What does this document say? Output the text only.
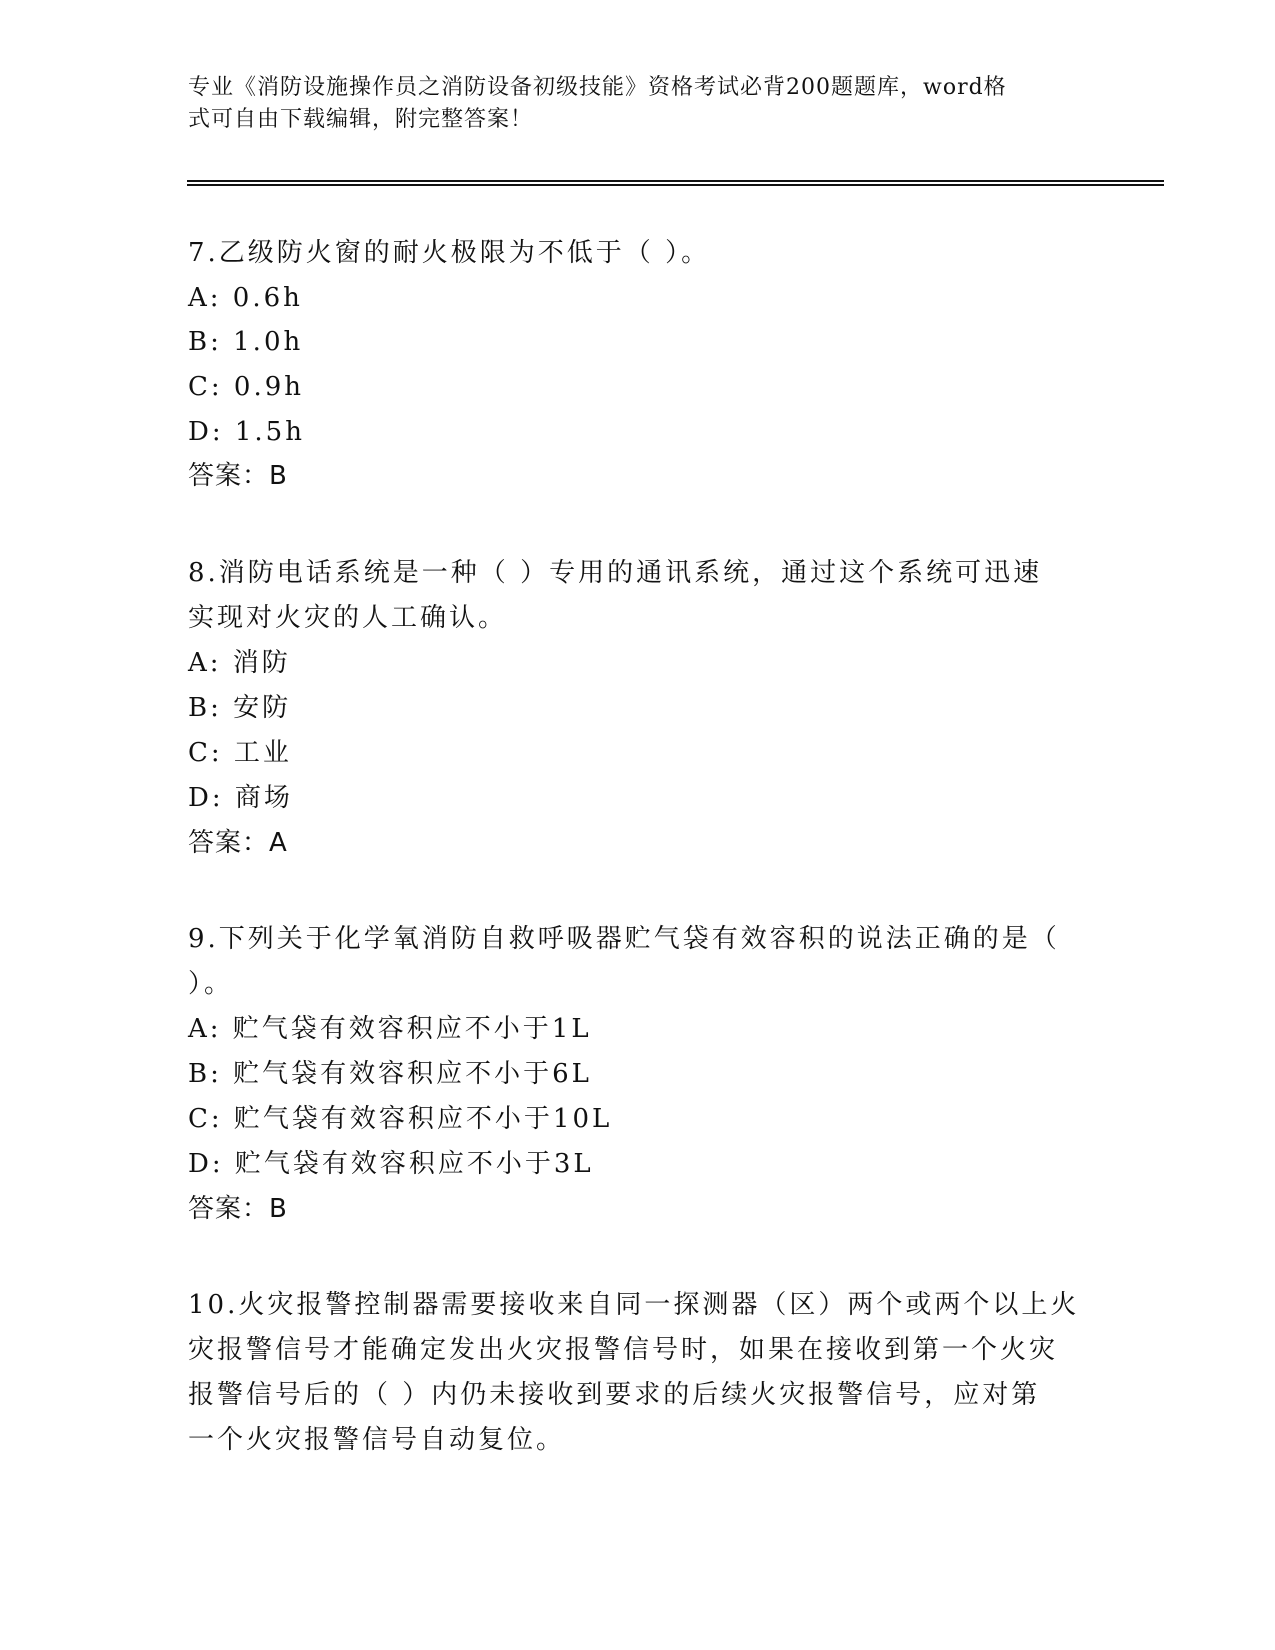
专业《消防设施操作员之消防设备初级技能》资格考试必背200题题库，word格
式可自由下载编辑，附完整答案！
7.乙级防火窗的耐火极限为不低于（ ）。
A: 0.6h
B: 1.0h
C: 0.9h
D: 1.5h
答案：B
8.消防电话系统是一种（ ）专用的通讯系统，通过这个系统可迅速
实现对火灾的人工确认。
A: 消防
B: 安防
C: 工业
D: 商场
答案：A
9.下列关于化学氧消防自救呼吸器贮气袋有效容积的说法正确的是（
）。
A: 贮气袋有效容积应不小于1L
B: 贮气袋有效容积应不小于6L
C: 贮气袋有效容积应不小于10L
D: 贮气袋有效容积应不小于3L
答案：B
10.火灾报警控制器需要接收来自同一探测器（区）两个或两个以上火
灾报警信号才能确定发出火灾报警信号时，如果在接收到第一个火灾
报警信号后的（ ）内仍未接收到要求的后续火灾报警信号，应对第
一个火灾报警信号自动复位。
